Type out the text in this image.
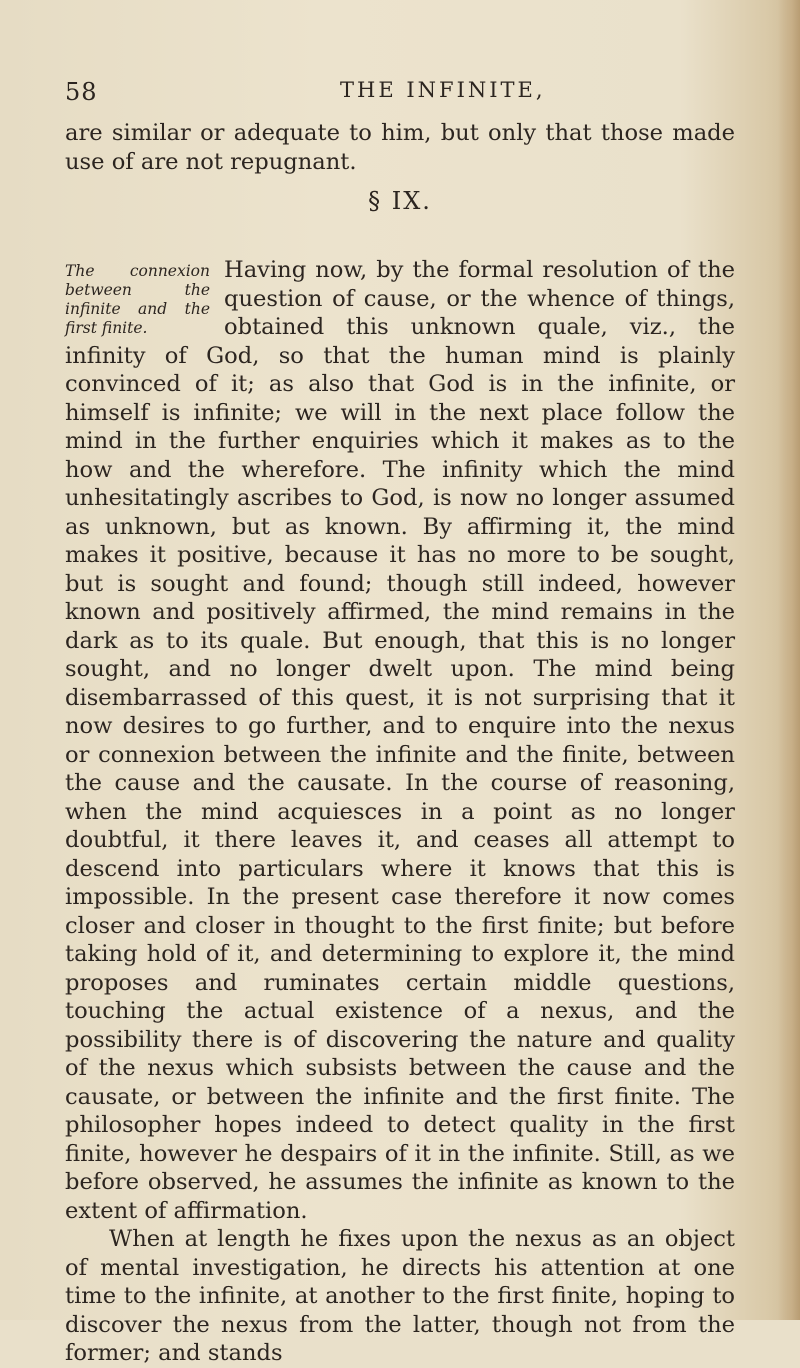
58	THE INFINITE,
are similar or adequate to him, but only that those made use of are not repugnant.
§ IX.
The connexion between the infinite and the first finite.

Having now, by the formal resolution of the question of cause, or the whence of things, obtained this unknown quale, viz., the infinity of God, so that the human mind is plainly convinced of it; as also that God is in the infinite, or himself is infinite; we will in the next place follow the mind in the further enquiries which it makes as to the how and the wherefore. The infinity which the mind unhesitatingly ascribes to God, is now no longer assumed as unknown, but as known. By affirming it, the mind makes it positive, because it has no more to be sought, but is sought and found; though still indeed, however known and positively affirmed, the mind remains in the dark as to its quale. But enough, that this is no longer sought, and no longer dwelt upon. The mind being disembarrassed of this quest, it is not surprising that it now desires to go further, and to enquire into the nexus or connexion between the infinite and the finite, between the cause and the causate. In the course of reasoning, when the mind acquiesces in a point as no longer doubtful, it there leaves it, and ceases all attempt to descend into particulars where it knows that this is impossible. In the present case therefore it now comes closer and closer in thought to the first finite; but before taking hold of it, and determining to explore it, the mind proposes and ruminates certain middle questions, touching the actual existence of a nexus, and the possibility there is of discovering the nature and quality of the nexus which subsists between the cause and the causate, or between the infinite and the first finite. The philosopher hopes indeed to detect quality in the first finite, however he despairs of it in the infinite. Still, as we before observed, he assumes the infinite as known to the extent of affirmation.

When at length he fixes upon the nexus as an object of mental investigation, he directs his attention at one time to the infinite, at another to the first finite, hoping to discover the nexus from the latter, though not from the former; and stands
